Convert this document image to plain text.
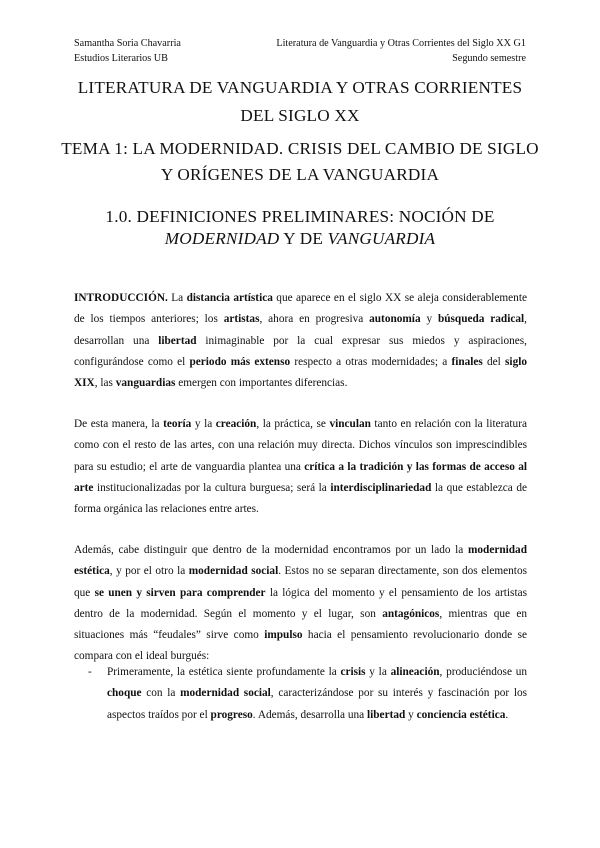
Samantha Soria Chavarria
Estudios Literarios UB
Literatura de Vanguardia y Otras Corrientes del Siglo XX G1
Segundo semestre
LITERATURA DE VANGUARDIA Y OTRAS CORRIENTES DEL SIGLO XX
TEMA 1: LA MODERNIDAD. CRISIS DEL CAMBIO DE SIGLO Y ORÍGENES DE LA VANGUARDIA
1.0. DEFINICIONES PRELIMINARES: NOCIÓN DE MODERNIDAD Y DE VANGUARDIA
INTRODUCCIÓN. La distancia artística que aparece en el siglo XX se aleja considerablemente de los tiempos anteriores; los artistas, ahora en progresiva autonomía y búsqueda radical, desarrollan una libertad inimaginable por la cual expresar sus miedos y aspiraciones, configurándose como el periodo más extenso respecto a otras modernidades; a finales del siglo XIX, las vanguardias emergen con importantes diferencias.
De esta manera, la teoría y la creación, la práctica, se vinculan tanto en relación con la literatura como con el resto de las artes, con una relación muy directa. Dichos vínculos son imprescindibles para su estudio; el arte de vanguardia plantea una crítica a la tradición y las formas de acceso al arte institucionalizadas por la cultura burguesa; será la interdisciplinariedad la que establezca de forma orgánica las relaciones entre artes.
Además, cabe distinguir que dentro de la modernidad encontramos por un lado la modernidad estética, y por el otro la modernidad social. Estos no se separan directamente, son dos elementos que se unen y sirven para comprender la lógica del momento y el pensamiento de los artistas dentro de la modernidad. Según el momento y el lugar, son antagónicos, mientras que en situaciones más “feudales” sirve como impulso hacia el pensamiento revolucionario donde se compara con el ideal burgués:
- Primeramente, la estética siente profundamente la crisis y la alineación, produciéndose un choque con la modernidad social, caracterizándose por su interés y fascinación por los aspectos traídos por el progreso. Además, desarrolla una libertad y conciencia estética.
